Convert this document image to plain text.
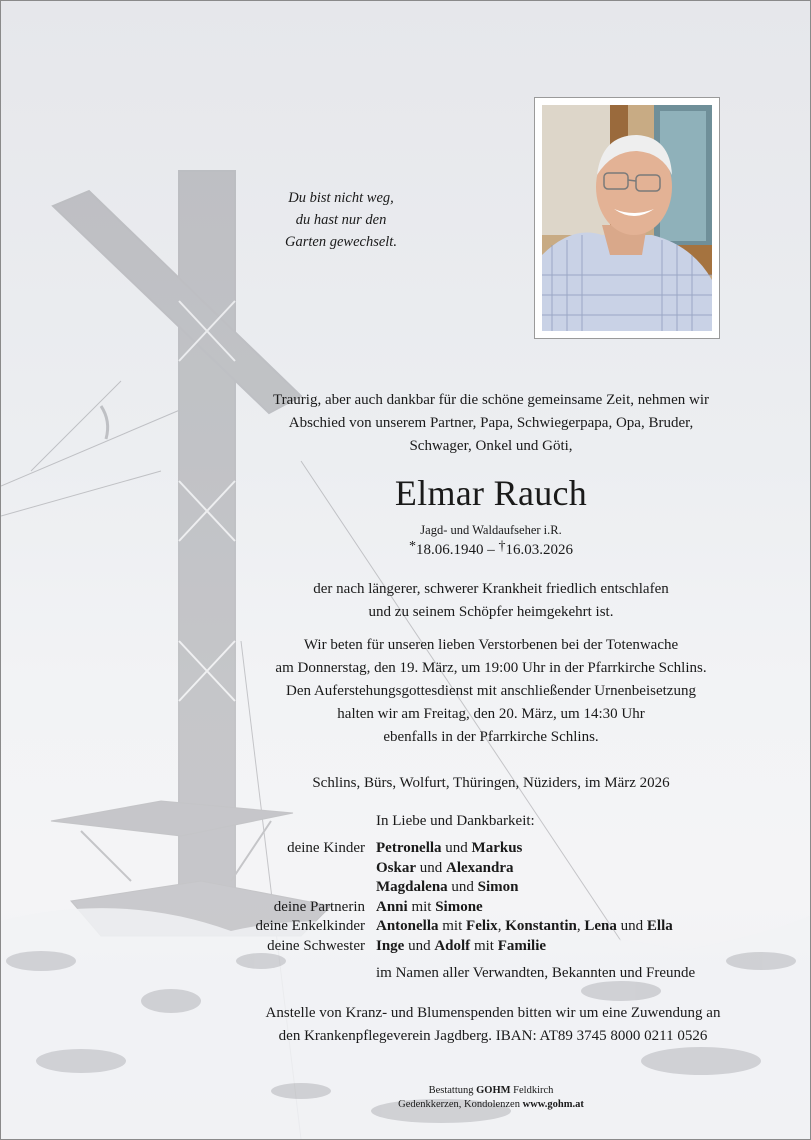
Du bist nicht weg,
du hast nur den
Garten gewechselt.
Traurig, aber auch dankbar für die schöne gemeinsame Zeit, nehmen wir
Abschied von unserem Partner, Papa, Schwiegerpapa, Opa, Bruder,
Schwager, Onkel und Göti,
Elmar Rauch
Jagd- und Waldaufseher i.R.
*18.06.1940 – †16.03.2026
der nach längerer, schwerer Krankheit friedlich entschlafen
und zu seinem Schöpfer heimgekehrt ist.
Wir beten für unseren lieben Verstorbenen bei der Totenwache
am Donnerstag, den 19. März, um 19:00 Uhr in der Pfarrkirche Schlins.
Den Auferstehungsgottesdienst mit anschließender Urnenbeisetzung
halten wir am Freitag, den 20. März, um 14:30 Uhr
ebenfalls in der Pfarrkirche Schlins.
Schlins, Bürs, Wolfurt, Thüringen, Nüziders, im März 2026
In Liebe und Dankbarkeit:
deine Kinder Petronella und Markus
Oskar und Alexandra
Magdalena und Simon
deine Partnerin Anni mit Simone
deine Enkelkinder Antonella mit Felix, Konstantin, Lena und Ella
deine Schwester Inge und Adolf mit Familie
im Namen aller Verwandten, Bekannten und Freunde
Anstelle von Kranz- und Blumenspenden bitten wir um eine Zuwendung an
den Krankenpflegeverein Jagdberg. IBAN: AT89 3745 8000 0211 0526
Bestattung GOHM Feldkirch
Gedenkkerzen, Kondolenzen www.gohm.at
